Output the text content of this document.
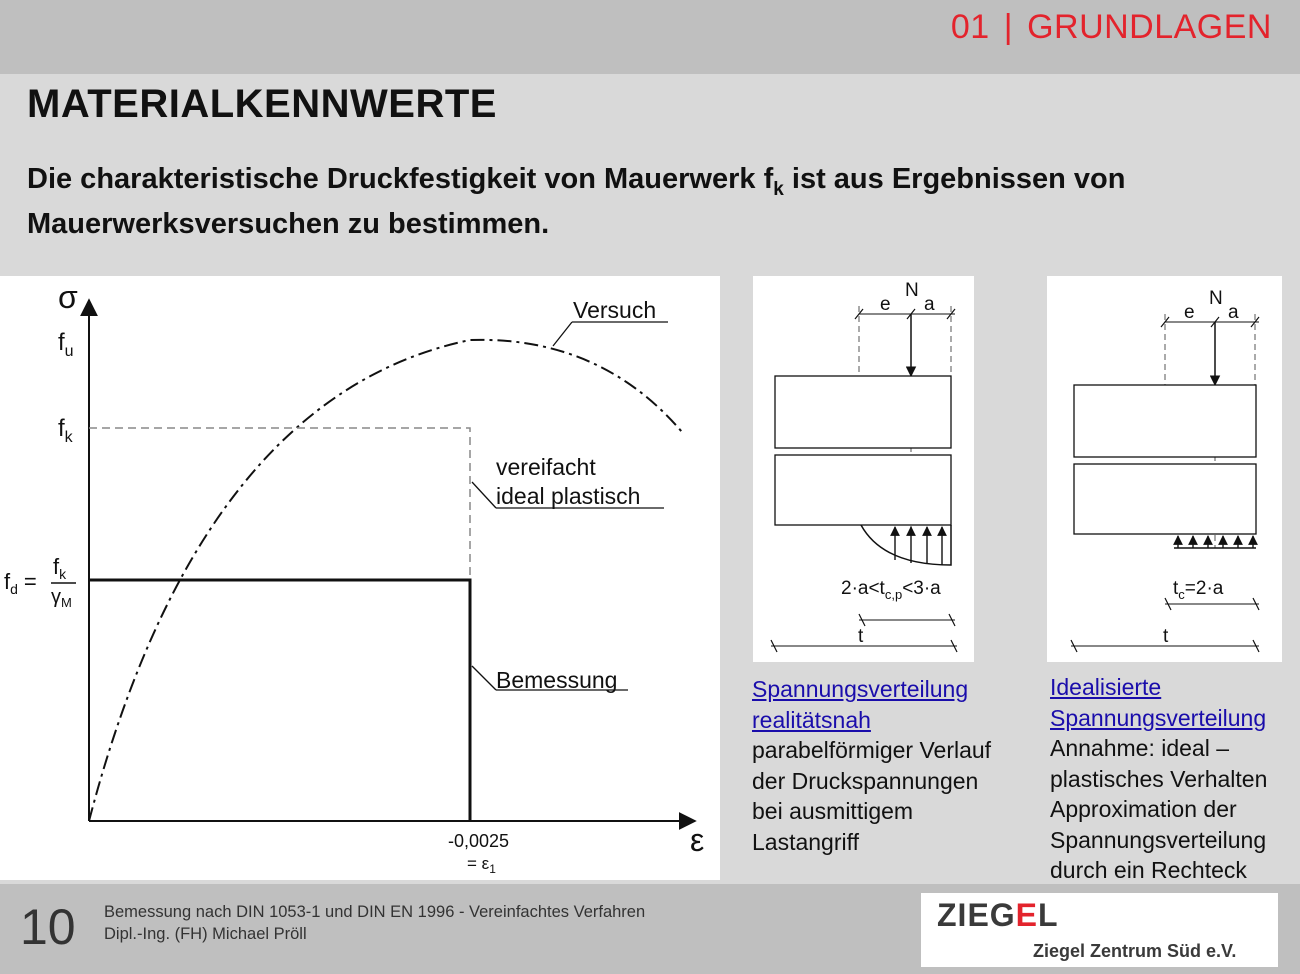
01 | GRUNDLAGEN
MATERIALKENNWERTE
Die charakteristische Druckfestigkeit von Mauerwerk $f_k$ ist aus Ergebnissen von Mauerwerksversuchen zu bestimmen.
σ
ε
$f_u$
$f_k$
$f_d$ =
$f_k$
$\gamma_M$
Versuch
vereifacht
ideal plastisch
Bemessung
-0,0025
= $\varepsilon_1$
e
N
a
$2\cdot a<t_{c,p}<3\cdot a$
t
e
N
a
$t_c=2\cdot a$
t
Spannungsverteilung
realitätsnah
parabelförmiger Verlauf
der Druckspannungen
bei ausmittigem
Lastangriff
Idealisierte
Spannungsverteilung
Annahme: ideal –
plastisches Verhalten
Approximation der
Spannungsverteilung
durch ein Rechteck
10 Bemessung nach DIN 1053-1 und DIN EN 1996 - Vereinfachtes Verfahren
Dipl.-Ing. (FH) Michael Pröll
ZIEGEL
Ziegel Zentrum Süd e.V.
